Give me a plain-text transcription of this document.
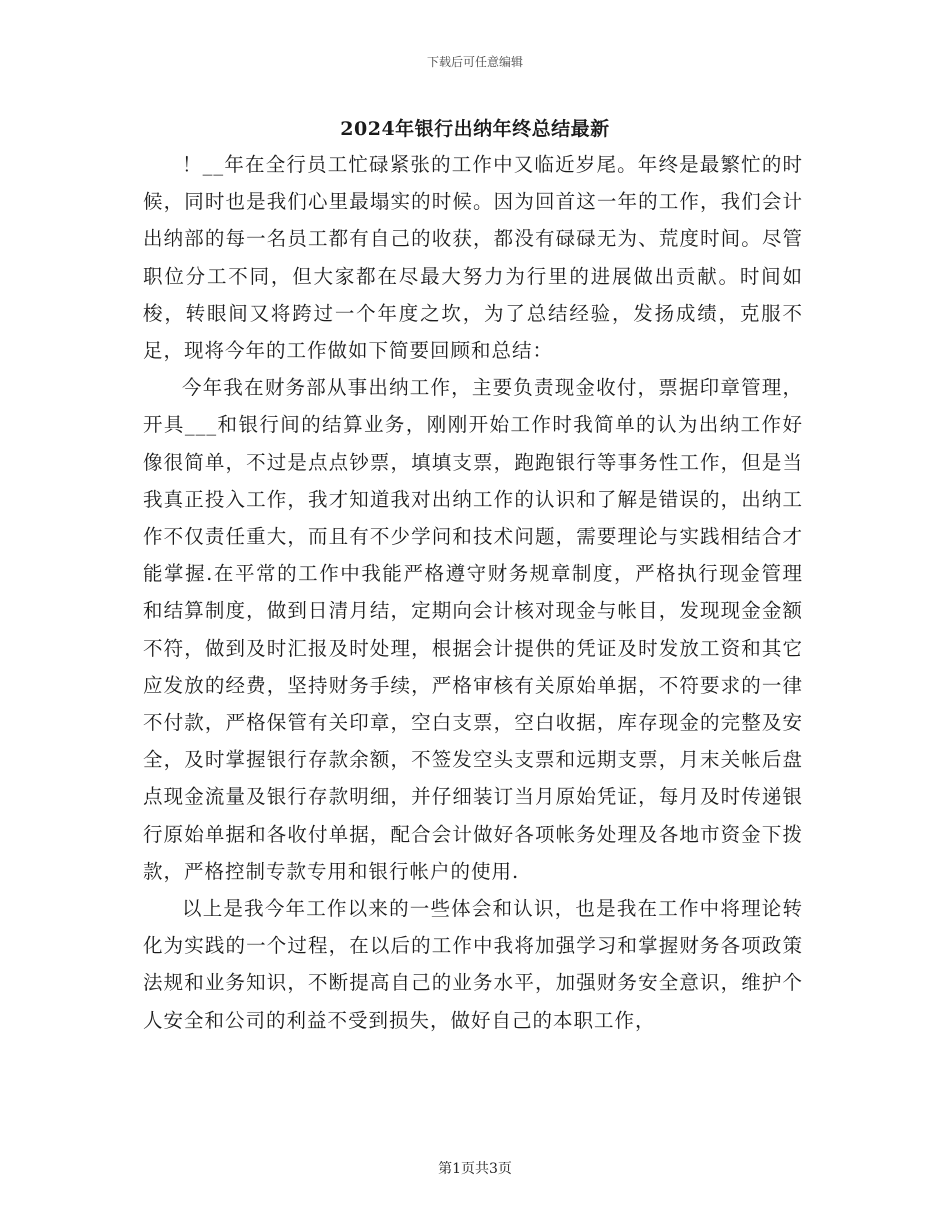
下载后可任意编辑
2024年银行出纳年终总结最新

！__年在全行员工忙碌紧张的工作中又临近岁尾。年终是最繁忙的时候，同时也是我们心里最塌实的时候。因为回首这一年的工作，我们会计出纳部的每一名员工都有自己的收获，都没有碌碌无为、荒度时间。尽管职位分工不同，但大家都在尽最大努力为行里的进展做出贡献。时间如梭，转眼间又将跨过一个年度之坎，为了总结经验，发扬成绩，克服不足，现将今年的工作做如下简要回顾和总结：

今年我在财务部从事出纳工作，主要负责现金收付，票据印章管理，开具___和银行间的结算业务，刚刚开始工作时我简单的认为出纳工作好像很简单，不过是点点钞票，填填支票，跑跑银行等事务性工作，但是当我真正投入工作，我才知道我对出纳工作的认识和了解是错误的，出纳工作不仅责任重大，而且有不少学问和技术问题，需要理论与实践相结合才能掌握.在平常的工作中我能严格遵守财务规章制度，严格执行现金管理和结算制度，做到日清月结，定期向会计核对现金与帐目，发现现金金额不符，做到及时汇报及时处理，根据会计提供的凭证及时发放工资和其它应发放的经费，坚持财务手续，严格审核有关原始单据，不符要求的一律不付款，严格保管有关印章，空白支票，空白收据，库存现金的完整及安全，及时掌握银行存款余额，不签发空头支票和远期支票，月末关帐后盘点现金流量及银行存款明细，并仔细装订当月原始凭证，每月及时传递银行原始单据和各收付单据，配合会计做好各项帐务处理及各地市资金下拨款，严格控制专款专用和银行帐户的使用.

以上是我今年工作以来的一些体会和认识，也是我在工作中将理论转化为实践的一个过程，在以后的工作中我将加强学习和掌握财务各项政策法规和业务知识，不断提高自己的业务水平，加强财务安全意识，维护个人安全和公司的利益不受到损失，做好自己的本职工作，

第1页共3页
